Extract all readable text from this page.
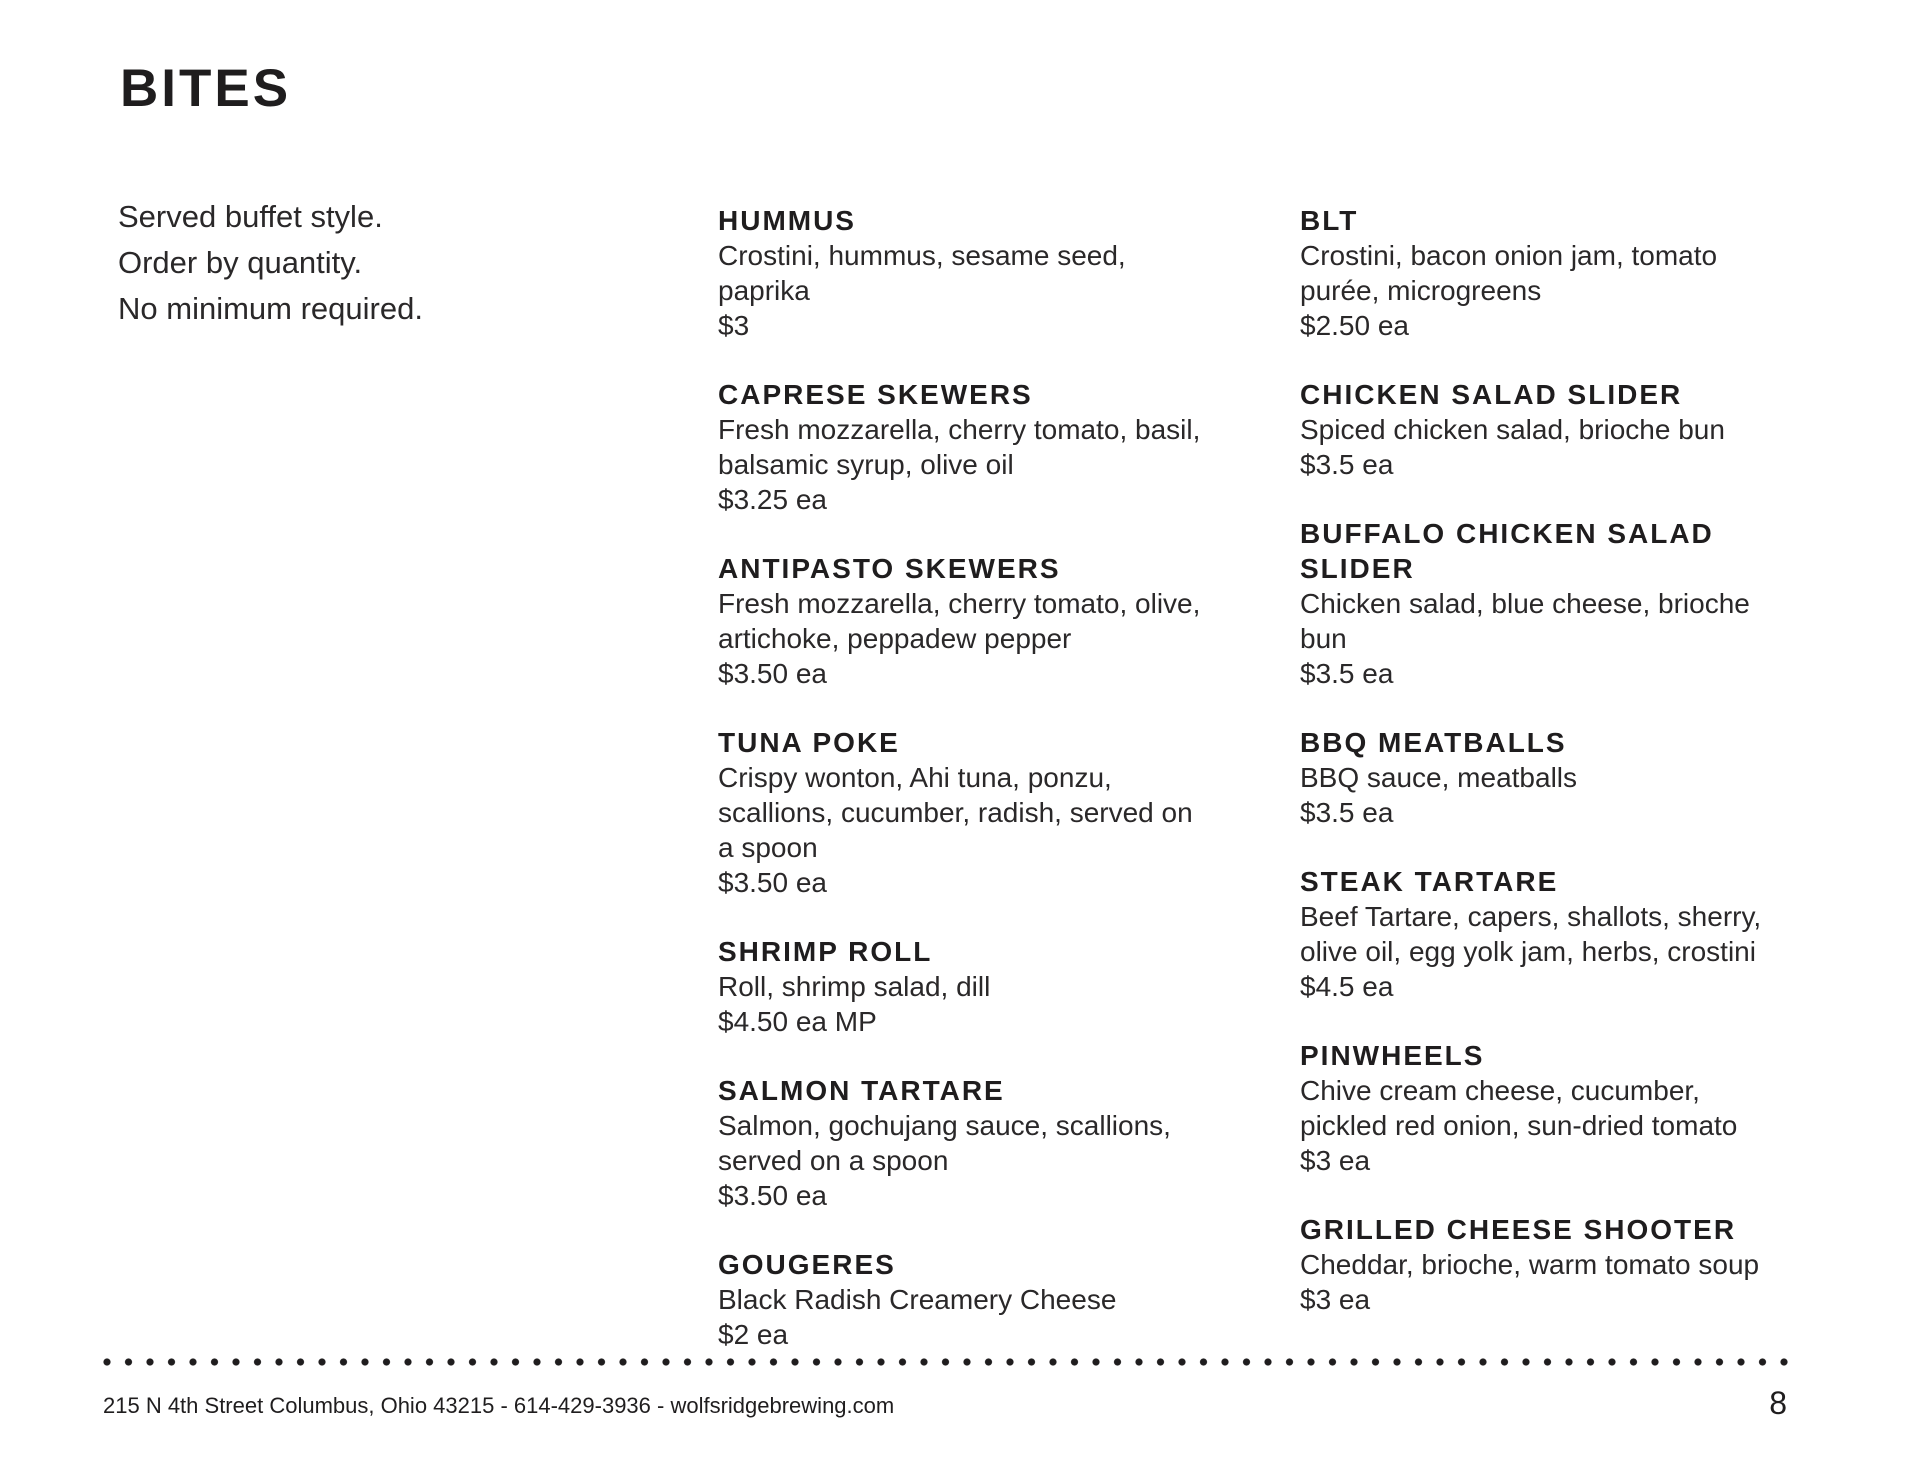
BITES
Served buffet style.
Order by quantity.
No minimum required.
HUMMUS
Crostini, hummus, sesame seed, paprika
$3
CAPRESE SKEWERS
Fresh mozzarella, cherry tomato, basil, balsamic syrup, olive oil
$3.25 ea
ANTIPASTO SKEWERS
Fresh mozzarella, cherry tomato, olive, artichoke, peppadew pepper
$3.50 ea
TUNA POKE
Crispy wonton, Ahi tuna, ponzu, scallions, cucumber, radish, served on a spoon
$3.50 ea
SHRIMP ROLL
Roll, shrimp salad, dill
$4.50 ea MP
SALMON TARTARE
Salmon, gochujang sauce, scallions, served on a spoon
$3.50 ea
GOUGERES
Black Radish Creamery Cheese
$2 ea
BLT
Crostini, bacon onion jam, tomato purée, microgreens
$2.50 ea
CHICKEN SALAD SLIDER
Spiced chicken salad, brioche bun
$3.5 ea
BUFFALO CHICKEN SALAD SLIDER
Chicken salad, blue cheese, brioche bun
$3.5 ea
BBQ MEATBALLS
BBQ sauce, meatballs
$3.5 ea
STEAK TARTARE
Beef Tartare, capers, shallots, sherry, olive oil, egg yolk jam, herbs, crostini
$4.5 ea
PINWHEELS
Chive cream cheese, cucumber, pickled red onion, sun-dried tomato
$3 ea
GRILLED CHEESE SHOOTER
Cheddar, brioche, warm tomato soup
$3 ea
215 N 4th Street Columbus, Ohio 43215 - 614-429-3936 - wolfsridgebrewing.com	8
